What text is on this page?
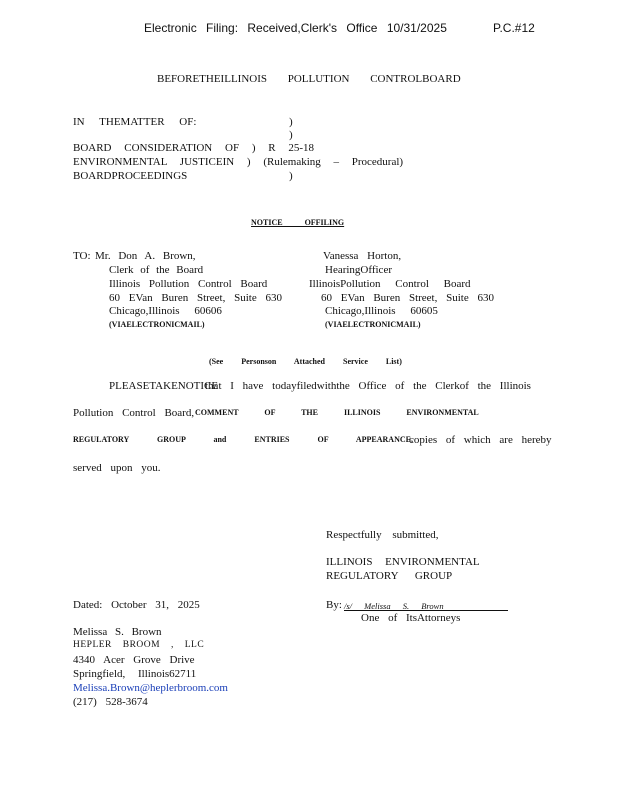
Electronic Filing: Received,Clerk's Office 10/31/2025	P.C.#12
BEFORETHEILLINOIS POLLUTION CONTROLBOARD
IN THEMATTER OF:	)
)
BOARD CONSIDERATION OF ) R 25-18
ENVIRONMENTAL JUSTICEIN ) (Rulemaking – Procedural)
BOARDPROCEEDINGS	)
NOTICE OFFILING
TO: Mr. Don A. Brown,
Clerk of the Board
Illinois Pollution Control Board
60 EVan Buren Street, Suite 630
Chicago,Illinois 60606
(VIAELECTRONICMAIL)
Vanessa Horton,
HearingOfficer
IllinoisPollution Control Board
60 EVan Buren Street, Suite 630
Chicago,Illinois 60605
(VIAELECTRONICMAIL)
(See Personson Attached Service List)
PLEASETAKENOTICE
that I have todayfiledwiththe Office of the Clerkof the Illinois
Pollution Control Board, COMMENT OF THE ILLINOIS ENVIRONMENTAL
REGULATORY GROUP and ENTRIES OF APPEARANCE,
copies of which are hereby
served upon you.
Respectfully submitted,
ILLINOIS ENVIRONMENTAL
REGULATORY GROUP
By: /s/ Melissa S. Brown
One of ItsAttorneys
Dated: October 31, 2025
Melissa S. Brown
HEPLER BROOM , LLC
4340 Acer Grove Drive
Springfield, Illinois62711
Melissa.Brown@heplerbroom.com
(217) 528-3674
